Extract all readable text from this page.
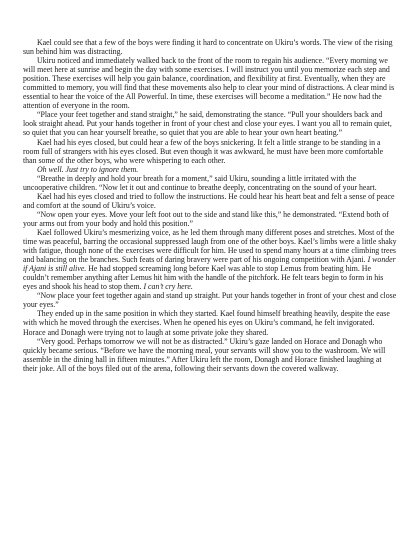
Kael could see that a few of the boys were finding it hard to concentrate on Ukiru’s words. The view of the rising sun behind him was distracting.

Ukiru noticed and immediately walked back to the front of the room to regain his audience. “Every morning we will meet here at sunrise and begin the day with some exercises. I will instruct you until you memorize each step and position. These exercises will help you gain balance, coordination, and flexibility at first. Eventually, when they are committed to memory, you will find that these movements also help to clear your mind of distractions. A clear mind is essential to hear the voice of the All Powerful. In time, these exercises will become a meditation.” He now had the attention of everyone in the room.

“Place your feet together and stand straight,” he said, demonstrating the stance. “Pull your shoulders back and look straight ahead. Put your hands together in front of your chest and close your eyes. I want you all to remain quiet, so quiet that you can hear yourself breathe, so quiet that you are able to hear your own heart beating.”

Kael had his eyes closed, but could hear a few of the boys snickering. It felt a little strange to be standing in a room full of strangers with his eyes closed. But even though it was awkward, he must have been more comfortable than some of the other boys, who were whispering to each other.

Oh well. Just try to ignore them.

“Breathe in deeply and hold your breath for a moment,” said Ukiru, sounding a little irritated with the uncooperative children. “Now let it out and continue to breathe deeply, concentrating on the sound of your heart.

Kael had his eyes closed and tried to follow the instructions. He could hear his heart beat and felt a sense of peace and comfort at the sound of Ukiru’s voice.

“Now open your eyes. Move your left foot out to the side and stand like this,” he demonstrated. “Extend both of your arms out from your body and hold this position.”

Kael followed Ukiru’s mesmerizing voice, as he led them through many different poses and stretches. Most of the time was peaceful, barring the occasional suppressed laugh from one of the other boys. Kael’s limbs were a little shaky with fatigue, though none of the exercises were difficult for him. He used to spend many hours at a time climbing trees and balancing on the branches. Such feats of daring bravery were part of his ongoing competition with Ajani. I wonder if Ajani is still alive. He had stopped screaming long before Kael was able to stop Lemus from beating him. He couldn’t remember anything after Lemus hit him with the handle of the pitchfork. He felt tears begin to form in his eyes and shook his head to stop them. I can’t cry here.

“Now place your feet together again and stand up straight. Put your hands together in front of your chest and close your eyes.”

They ended up in the same position in which they started. Kael found himself breathing heavily, despite the ease with which he moved through the exercises. When he opened his eyes on Ukiru’s command, he felt invigorated. Horace and Donagh were trying not to laugh at some private joke they shared.

“Very good. Perhaps tomorrow we will not be as distracted.” Ukiru’s gaze landed on Horace and Donagh who quickly became serious. “Before we have the morning meal, your servants will show you to the washroom. We will assemble in the dining hall in fifteen minutes.” After Ukiru left the room, Donagh and Horace finished laughing at their joke. All of the boys filed out of the arena, following their servants down the covered walkway.
